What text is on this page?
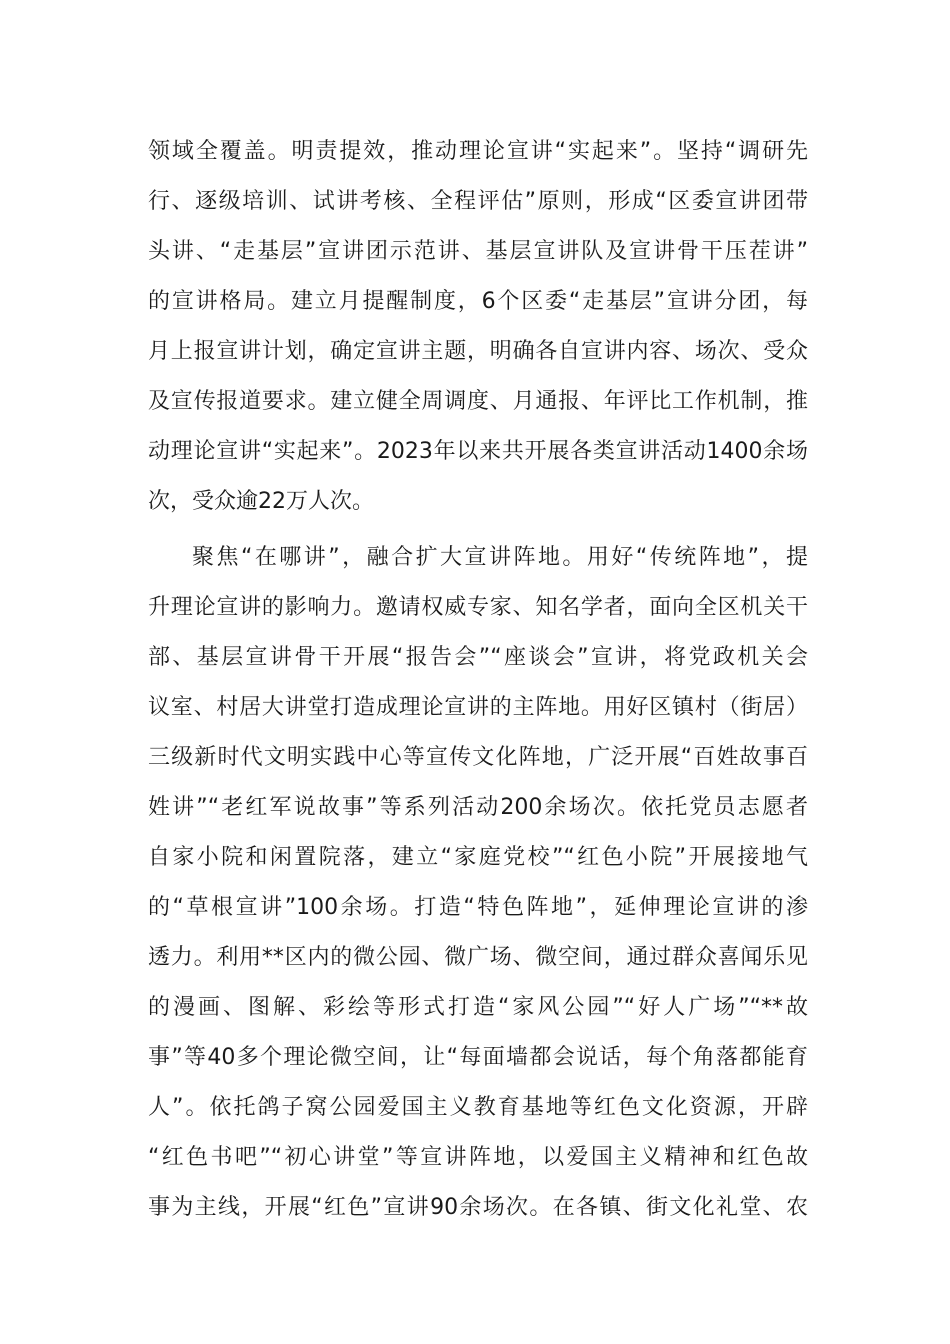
领域全覆盖。明责提效，推动理论宣讲“实起来”。坚持“调研先
行、逐级培训、试讲考核、全程评估”原则，形成“区委宣讲团带
头讲、“走基层”宣讲团示范讲、基层宣讲队及宣讲骨干压茬讲”
的宣讲格局。建立月提醒制度，6个区委“走基层”宣讲分团，每
月上报宣讲计划，确定宣讲主题，明确各自宣讲内容、场次、受众
及宣传报道要求。建立健全周调度、月通报、年评比工作机制，推
动理论宣讲“实起来”。2023年以来共开展各类宣讲活动1400余场
次，受众逾22万人次。
聚焦“在哪讲”，融合扩大宣讲阵地。用好“传统阵地”，提
升理论宣讲的影响力。邀请权威专家、知名学者，面向全区机关干
部、基层宣讲骨干开展“报告会”“座谈会”宣讲，将党政机关会
议室、村居大讲堂打造成理论宣讲的主阵地。用好区镇村（街居）
三级新时代文明实践中心等宣传文化阵地，广泛开展“百姓故事百
姓讲”“老红军说故事”等系列活动200余场次。依托党员志愿者
自家小院和闲置院落，建立“家庭党校”“红色小院”开展接地气
的“草根宣讲”100余场。打造“特色阵地”，延伸理论宣讲的渗
透力。利用**区内的微公园、微广场、微空间，通过群众喜闻乐见
的漫画、图解、彩绘等形式打造“家风公园”“好人广场”“**故
事”等40多个理论微空间，让“每面墙都会说话，每个角落都能育
人”。依托鸽子窝公园爱国主义教育基地等红色文化资源，开辟
“红色书吧”“初心讲堂”等宣讲阵地，以爱国主义精神和红色故
事为主线，开展“红色”宣讲90余场次。在各镇、街文化礼堂、农
